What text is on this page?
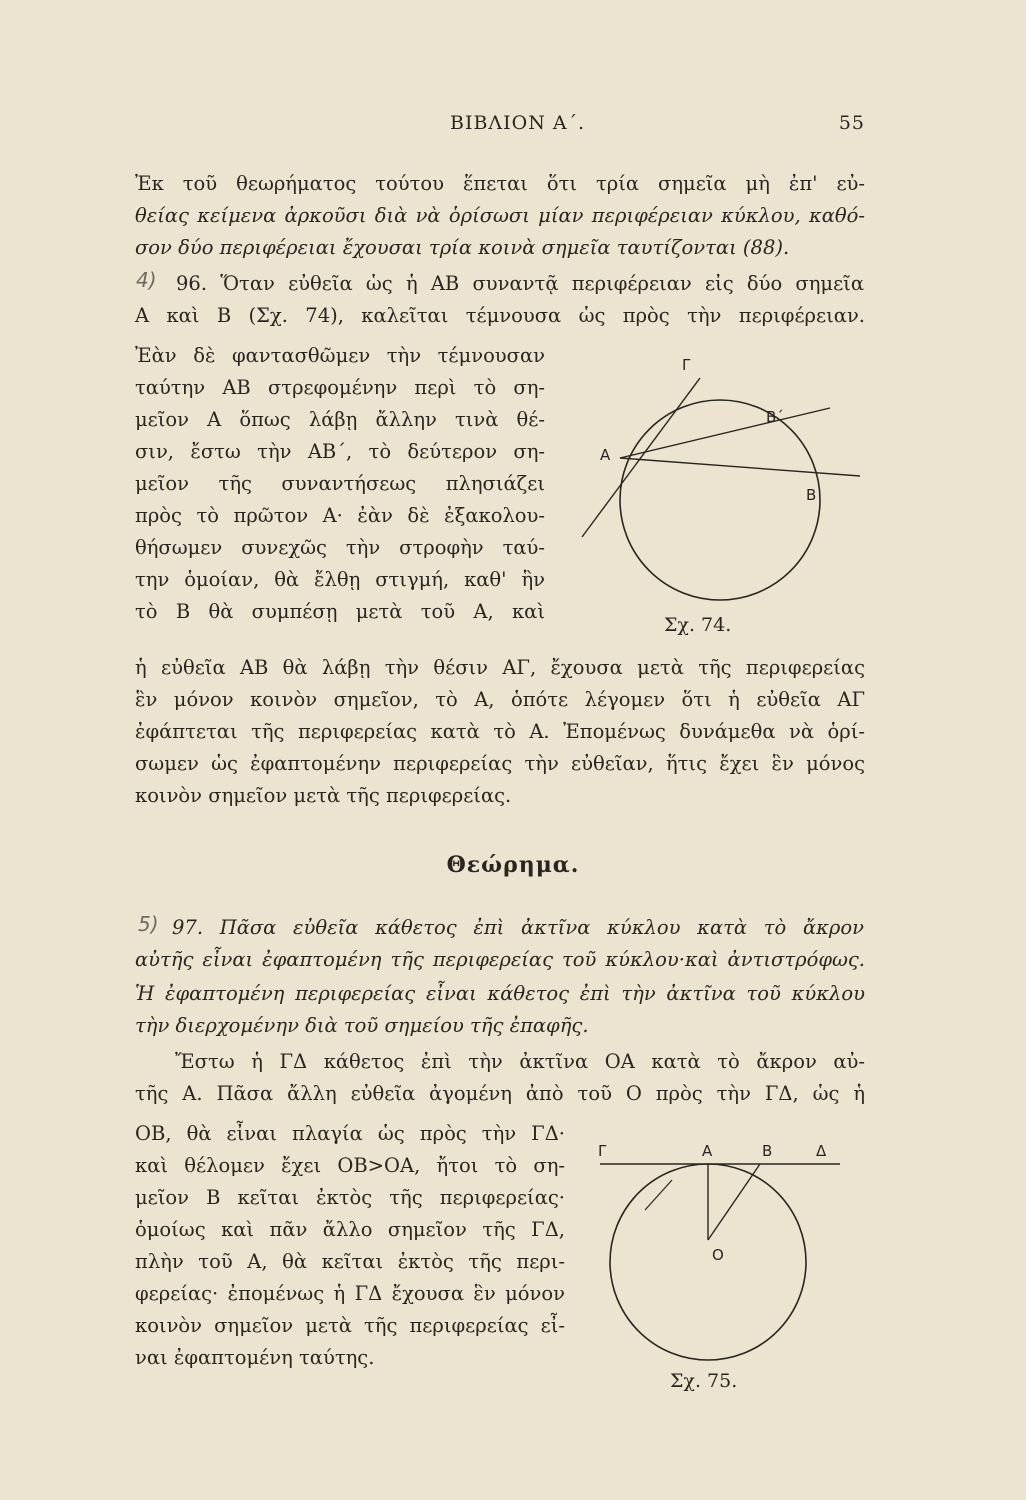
ΒΙΒΛΙΟΝ Α΄.	55
Ἐκ τοῦ θεωρήματος τούτου ἕπεται ὅτι τρία σημεῖα μὴ ἐπ' εὐ-
θείας κείμενα ἀρκοῦσι διὰ νὰ ὁρίσωσι μίαν περιφέρειαν κύκλου, καθό-
σον δύο περιφέρειαι ἔχουσαι τρία κοινὰ σημεῖα ταυτίζονται (88).
4) 96. Ὅταν εὐθεῖα ὡς ἡ ΑΒ συναντᾷ περιφέρειαν εἰς δύο σημεῖα
Α καὶ Β (Σχ. 74), καλεῖται τέμνουσα ὡς πρὸς τὴν περιφέρειαν.
Ἐὰν δὲ φαντασθῶμεν τὴν τέμνουσαν
ταύτην ΑΒ στρεφομένην περὶ τὸ ση-
μεῖον Α ὅπως λάβῃ ἄλλην τινὰ θέ-
σιν, ἔστω τὴν ΑΒ΄, τὸ δεύτερον ση-
μεῖον τῆς συναντήσεως πλησιάζει
πρὸς τὸ πρῶτον Α· ἐὰν δὲ ἐξακολου-
θήσωμεν συνεχῶς τὴν στροφὴν ταύ-
την ὁμοίαν, θὰ ἔλθῃ στιγμή, καθ' ἣν
τὸ Β θὰ συμπέσῃ μετὰ τοῦ Α, καὶ
Γ
Α
Β΄
Β
Σχ. 74.
ἡ εὐθεῖα ΑΒ θὰ λάβῃ τὴν θέσιν ΑΓ, ἔχουσα μετὰ τῆς περιφερείας
ἓν μόνον κοινὸν σημεῖον, τὸ Α, ὁπότε λέγομεν ὅτι ἡ εὐθεῖα ΑΓ
ἐφάπτεται τῆς περιφερείας κατὰ τὸ Α. Ἐπομένως δυνάμεθα νὰ ὁρί-
σωμεν ὡς ἐφαπτομένην περιφερείας τὴν εὐθεῖαν, ἥτις ἔχει ἓν μόνος
κοινὸν σημεῖον μετὰ τῆς περιφερείας.
Θεώρημα.
5) 97. Πᾶσα εὐθεῖα κάθετος ἐπὶ ἀκτῖνα κύκλου κατὰ τὸ ἄκρον
αὐτῆς εἶναι ἐφαπτομένη τῆς περιφερείας τοῦ κύκλου·καὶ ἀντιστρόφως.
Ἡ ἐφαπτομένη περιφερείας εἶναι κάθετος ἐπὶ τὴν ἀκτῖνα τοῦ κύκλου
τὴν διερχομένην διὰ τοῦ σημείου τῆς ἐπαφῆς.
Ἔστω ἡ ΓΔ κάθετος ἐπὶ τὴν ἀκτῖνα ΟΑ κατὰ τὸ ἄκρον αὐ-
τῆς Α. Πᾶσα ἄλλη εὐθεῖα ἀγομένη ἀπὸ τοῦ Ο πρὸς τὴν ΓΔ, ὡς ἡ
ΟΒ, θὰ εἶναι πλαγία ὡς πρὸς τὴν ΓΔ·
καὶ θέλομεν ἔχει ΟΒ>ΟΑ, ἤτοι τὸ ση-
μεῖον Β κεῖται ἐκτὸς τῆς περιφερείας·
ὁμοίως καὶ πᾶν ἄλλο σημεῖον τῆς ΓΔ,
πλὴν τοῦ Α, θὰ κεῖται ἐκτὸς τῆς περι-
φερείας· ἐπομένως ἡ ΓΔ ἔχουσα ἓν μόνον
κοινὸν σημεῖον μετὰ τῆς περιφερείας εἶ-
ναι ἐφαπτομένη ταύτης.
Γ	Α	Β	Δ
Ο
Σχ. 75.
